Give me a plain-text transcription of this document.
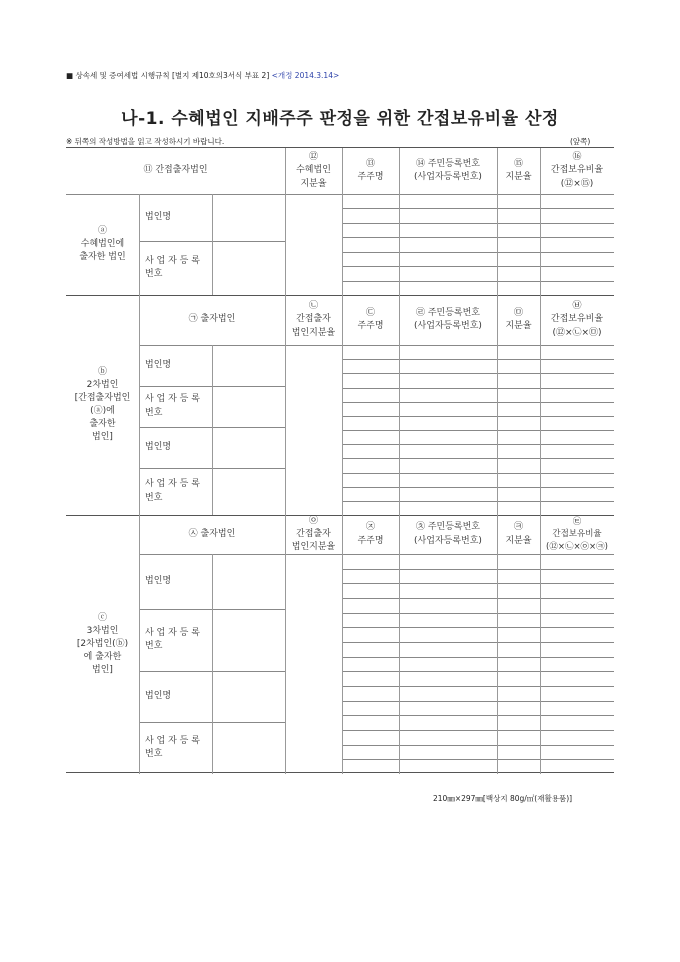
■ 상속세 및 증여세법 시행규칙 [별지 제10호의3서식 부표 2] <개정 2014.3.14>
나-1. 수혜법인 지배주주 판정을 위한 간접보유비율 산정
※ 뒤쪽의 작성방법을 읽고 작성하시기 바랍니다.	(앞쪽)
⑪ 간접출자법인
⑫
수혜법인
지분율
⑬
주주명
⑭ 주민등록번호
(사업자등록번호)
⑮
지분율
⑯
간접보유비율
(⑫×⑮)
ⓐ
수혜법인에
출자한 법인
법인명
사 업 자 등 록
번호
㉠ 출자법인
㉡
간접출자
법인지분율
㉢
주주명
㉣ 주민등록번호
(사업자등록번호)
㉤
지분율
㉥
간접보유비율
(⑫×㉡×㉤)
ⓑ
2차법인
[간접출자법인
(ⓐ)에
출자한
법인]
법인명
사 업 자 등 록
번호
법인명
사 업 자 등 록
번호
㉦ 출자법인
㉧
간접출자
법인지분율
㉨
주주명
㉩ 주민등록번호
(사업자등록번호)
㉪
지분율
㉫
간접보유비율
(⑫×㉡×㉧×㉪)
ⓒ
3차법인
[2차법인(ⓑ)
에 출자한
법인]
법인명
사 업 자 등 록
번호
법인명
사 업 자 등 록
번호
210㎜×297㎜[백상지 80g/㎡(재활용품)]
